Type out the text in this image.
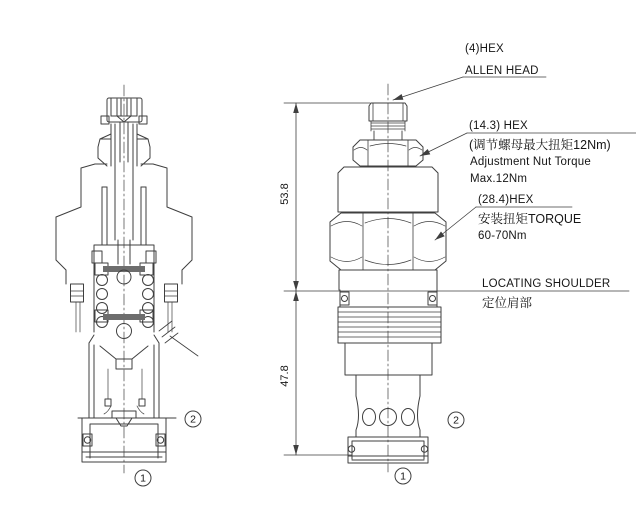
(4)HEX
ALLEN HEAD
(14.3) HEX
(调节螺母最大扭矩12Nm)
Adjustment Nut Torque
Max.12Nm
(28.4)HEX
安装扭矩TORQUE
60-70Nm
LOCATING SHOULDER
定位肩部
53.8
47.8
2
1
2
1
